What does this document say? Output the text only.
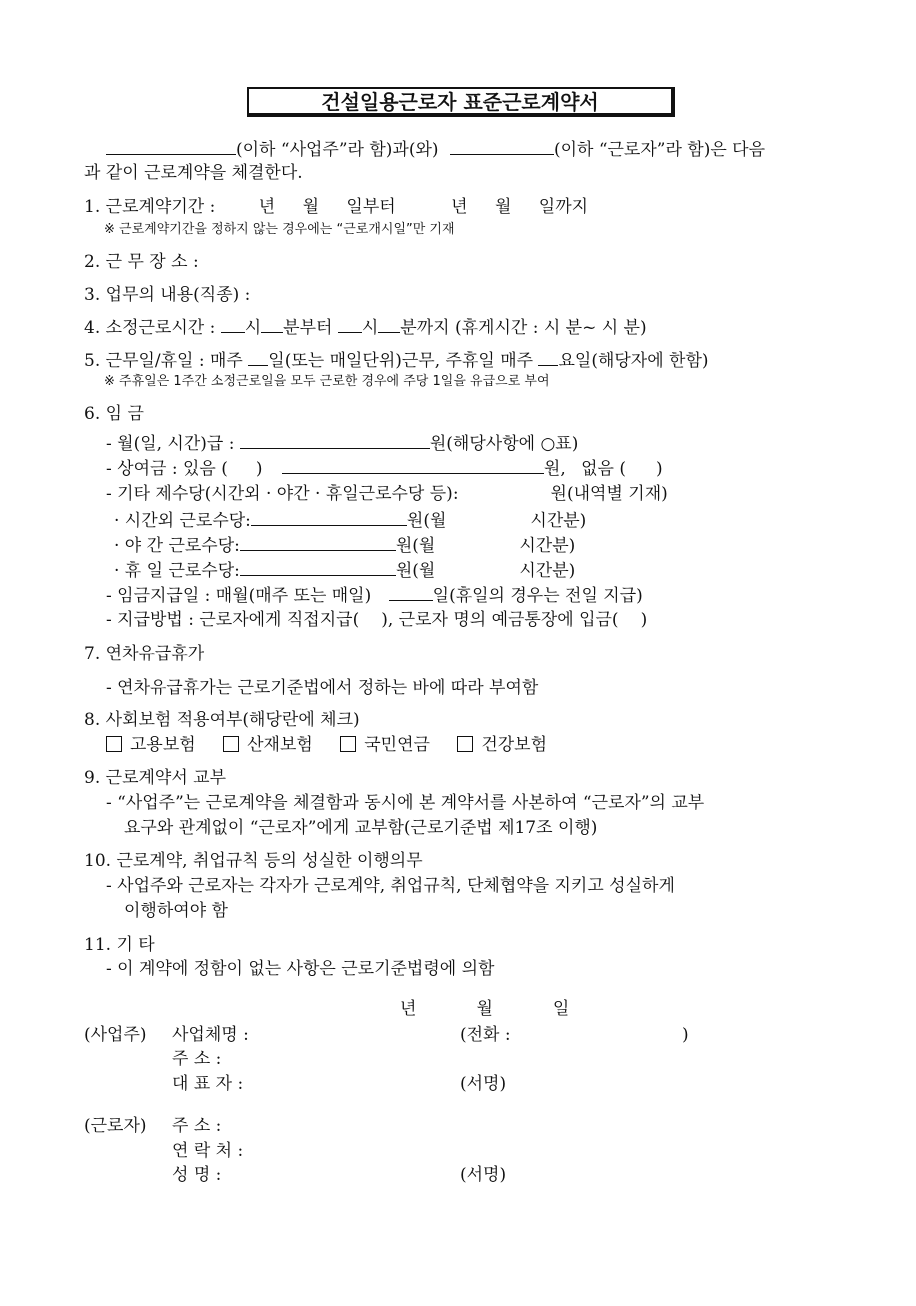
건설일용근로자 표준근로계약서
(이하 “사업주”라 함)과(와)	(이하 “근로자”라 함)은 다음
과 같이 근로계약을 체결한다.
1. 근로계약기간 :	년 월 일부터	년 월 일까지
※ 근로계약기간을 정하지 않는 경우에는 “근로개시일”만 기재
2. 근 무 장 소 :
3. 업무의 내용(직종) :
4. 소정근로시간 : 시 분부터 시 분까지 (휴게시간 : 시 분~ 시 분)
5. 근무일/휴일 : 매주 일(또는 매일단위)근무, 주휴일 매주 요일(해당자에 한함)
※ 주휴일은 1주간 소정근로일을 모두 근로한 경우에 주당 1일을 유급으로 부여
6. 임 금
- 월(일, 시간)급 :	원(해당사항에 ○표)
- 상여금 : 있음 ( )	원, 없음 ( )
- 기타 제수당(시간외 · 야간 · 휴일근로수당 등):	원(내역별 기재)
· 시간외 근로수당:	원(월	시간분)
· 야 간 근로수당:	원(월	시간분)
· 휴 일 근로수당:	원(월	시간분)
- 임금지급일 : 매월(매주 또는 매일)	일(휴일의 경우는 전일 지급)
- 지급방법 : 근로자에게 직접지급( ), 근로자 명의 예금통장에 입금( )
7. 연차유급휴가
- 연차유급휴가는 근로기준법에서 정하는 바에 따라 부여함
8. 사회보험 적용여부(해당란에 체크)
고용보험	산재보험	국민연금	건강보험
9. 근로계약서 교부
- “사업주”는 근로계약을 체결함과 동시에 본 계약서를 사본하여 “근로자”의 교부
요구와 관계없이 “근로자”에게 교부함(근로기준법 제17조 이행)
10. 근로계약, 취업규칙 등의 성실한 이행의무
- 사업주와 근로자는 각자가 근로계약, 취업규칙, 단체협약을 지키고 성실하게
이행하여야 함
11. 기 타
- 이 계약에 정함이 없는 사항은 근로기준법령에 의함
년	월	일
(사업주) 사업체명 :	(전화 :	)
주 소 :
대 표 자 :	(서명)
(근로자) 주 소 :
연 락 처 :
성 명 :	(서명)
